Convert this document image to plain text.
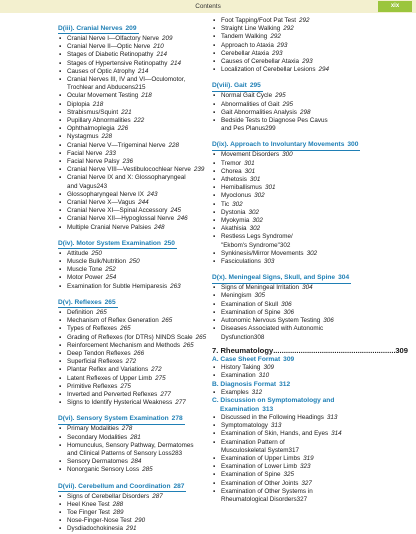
Contents	xix
D(iii). Cranial Nerves 209

▪ Cranial Nerve I—Olfactory Nerve 209
▪ Cranial Nerve II—Optic Nerve 210
▪ Stages of Diabetic Retinopathy 214
▪ Stages of Hypertensive Retinopathy 214
▪ Causes of Optic Atrophy 214
▪ Cranial Nerves III, IV and VI—Oculomotor,
Trochlear and Abducens215
▪ Ocular Movement Testing 218
▪ Diplopia 218
▪ Strabismus/Squint 221
▪ Pupillary Abnormalities 222
▪ Ophthalmoplegia 226
▪ Nystagmus 228
▪ Cranial Nerve V—Trigeminal Nerve 228
▪ Facial Nerve 233
▪ Facial Nerve Palsy 236
▪ Cranial Nerve VIII—Vestibulocochlear Nerve 239
▪ Cranial Nerve IX and X: Glossopharyngeal
and Vagus243
▪ Glossopharyngeal Nerve IX 243
▪ Cranial Nerve X—Vagus 244
▪ Cranial Nerve XI—Spinal Accessory 245
▪ Cranial Nerve XII—Hypoglossal Nerve 246
▪ Multiple Cranial Nerve Palsies 248
D(iv). Motor System Examination 250

▪ Attitude 250
▪ Muscle Bulk/Nutrition 250
▪ Muscle Tone 252
▪ Motor Power 254
▪ Examination for Subtle Hemiparesis 263
D(v). Reflexes 265

▪ Definition 265
▪ Mechanism of Reflex Generation 265
▪ Types of Reflexes 265
▪ Grading of Reflexes (for DTRs) NINDS Scale 265
▪ Reinforcement Mechanism and Methods 265
▪ Deep Tendon Reflexes 266
▪ Superficial Reflexes 272
▪ Plantar Reflex and Variations 272
▪ Latent Reflexes of Upper Limb 275
▪ Primitive Reflexes 275
▪ Inverted and Perverted Reflexes 277
▪ Signs to Identify Hysterical Weakness 277
D(vi). Sensory System Examination 278

▪ Primary Modalities 278
▪ Secondary Modalities 281
▪ Homunculus, Sensory Pathway, Dermatomes
and Clinical Patterns of Sensory Loss283
▪ Sensory Dermatomes 284
▪ Nonorganic Sensory Loss 285
D(vii). Cerebellum and Coordination 287

▪ Signs of Cerebellar Disorders 287
▪ Heel Knee Test 288
▪ Toe Finger Test 289
▪ Nose-Finger-Nose Test 290
▪ Dysdiadochokinesia 291
▪ Foot Tapping/Foot Pat Test 292
▪ Straight Line Walking 292
▪ Tandem Walking 292
▪ Approach to Ataxia 293
▪ Cerebellar Ataxia 293
▪ Causes of Cerebellar Ataxia 293
▪ Localization of Cerebellar Lesions 294
D(viii). Gait 295

▪ Normal Gait Cycle 295
▪ Abnormalities of Gait 295
▪ Gait Abnormalities Analysis 298
▪ Bedside Tests to Diagnose Pes Cavus
and Pes Planus299
D(ix). Approach to Involuntary Movements 300

▪ Movement Disorders 300
▪ Tremor 301
▪ Chorea 301
▪ Athetosis 301
▪ Hemiballismus 301
▪ Myoclonus 302
▪ Tic 302
▪ Dystonia 302
▪ Myokymia 302
▪ Akathisia 302
▪ Restless Legs Syndrome/
"Ekbom's Syndrome"302
▪ Synkinesis/Mirror Movements 302
▪ Fasciculations 303
D(x). Meningeal Signs, Skull, and Spine 304

▪ Signs of Meningeal Irritation 304
▪ Meningism 305
▪ Examination of Skull 306
▪ Examination of Spine 306
▪ Autonomic Nervous System Testing 306
▪ Diseases Associated with Autonomic
Dysfunction308
7. Rheumatology
.....	309
A. Case Sheet Format 309
▪ History Taking 309
▪ Examination 310
B. Diagnosis Format 312
▪ Examples 312
C. Discussion on Symptomatology and
Examination 313
▪ Discussed in the Following Headings 313
▪ Symptomatology 313
▪ Examination of Skin, Hands, and Eyes 314
▪ Examination Pattern of
Musculoskeletal System317
▪ Examination of Upper Limbs 319
▪ Examination of Lower Limb 323
▪ Examination of Spine 325
▪ Examination of Other Joints 327
▪ Examination of Other Systems in
Rheumatological Disorders327
